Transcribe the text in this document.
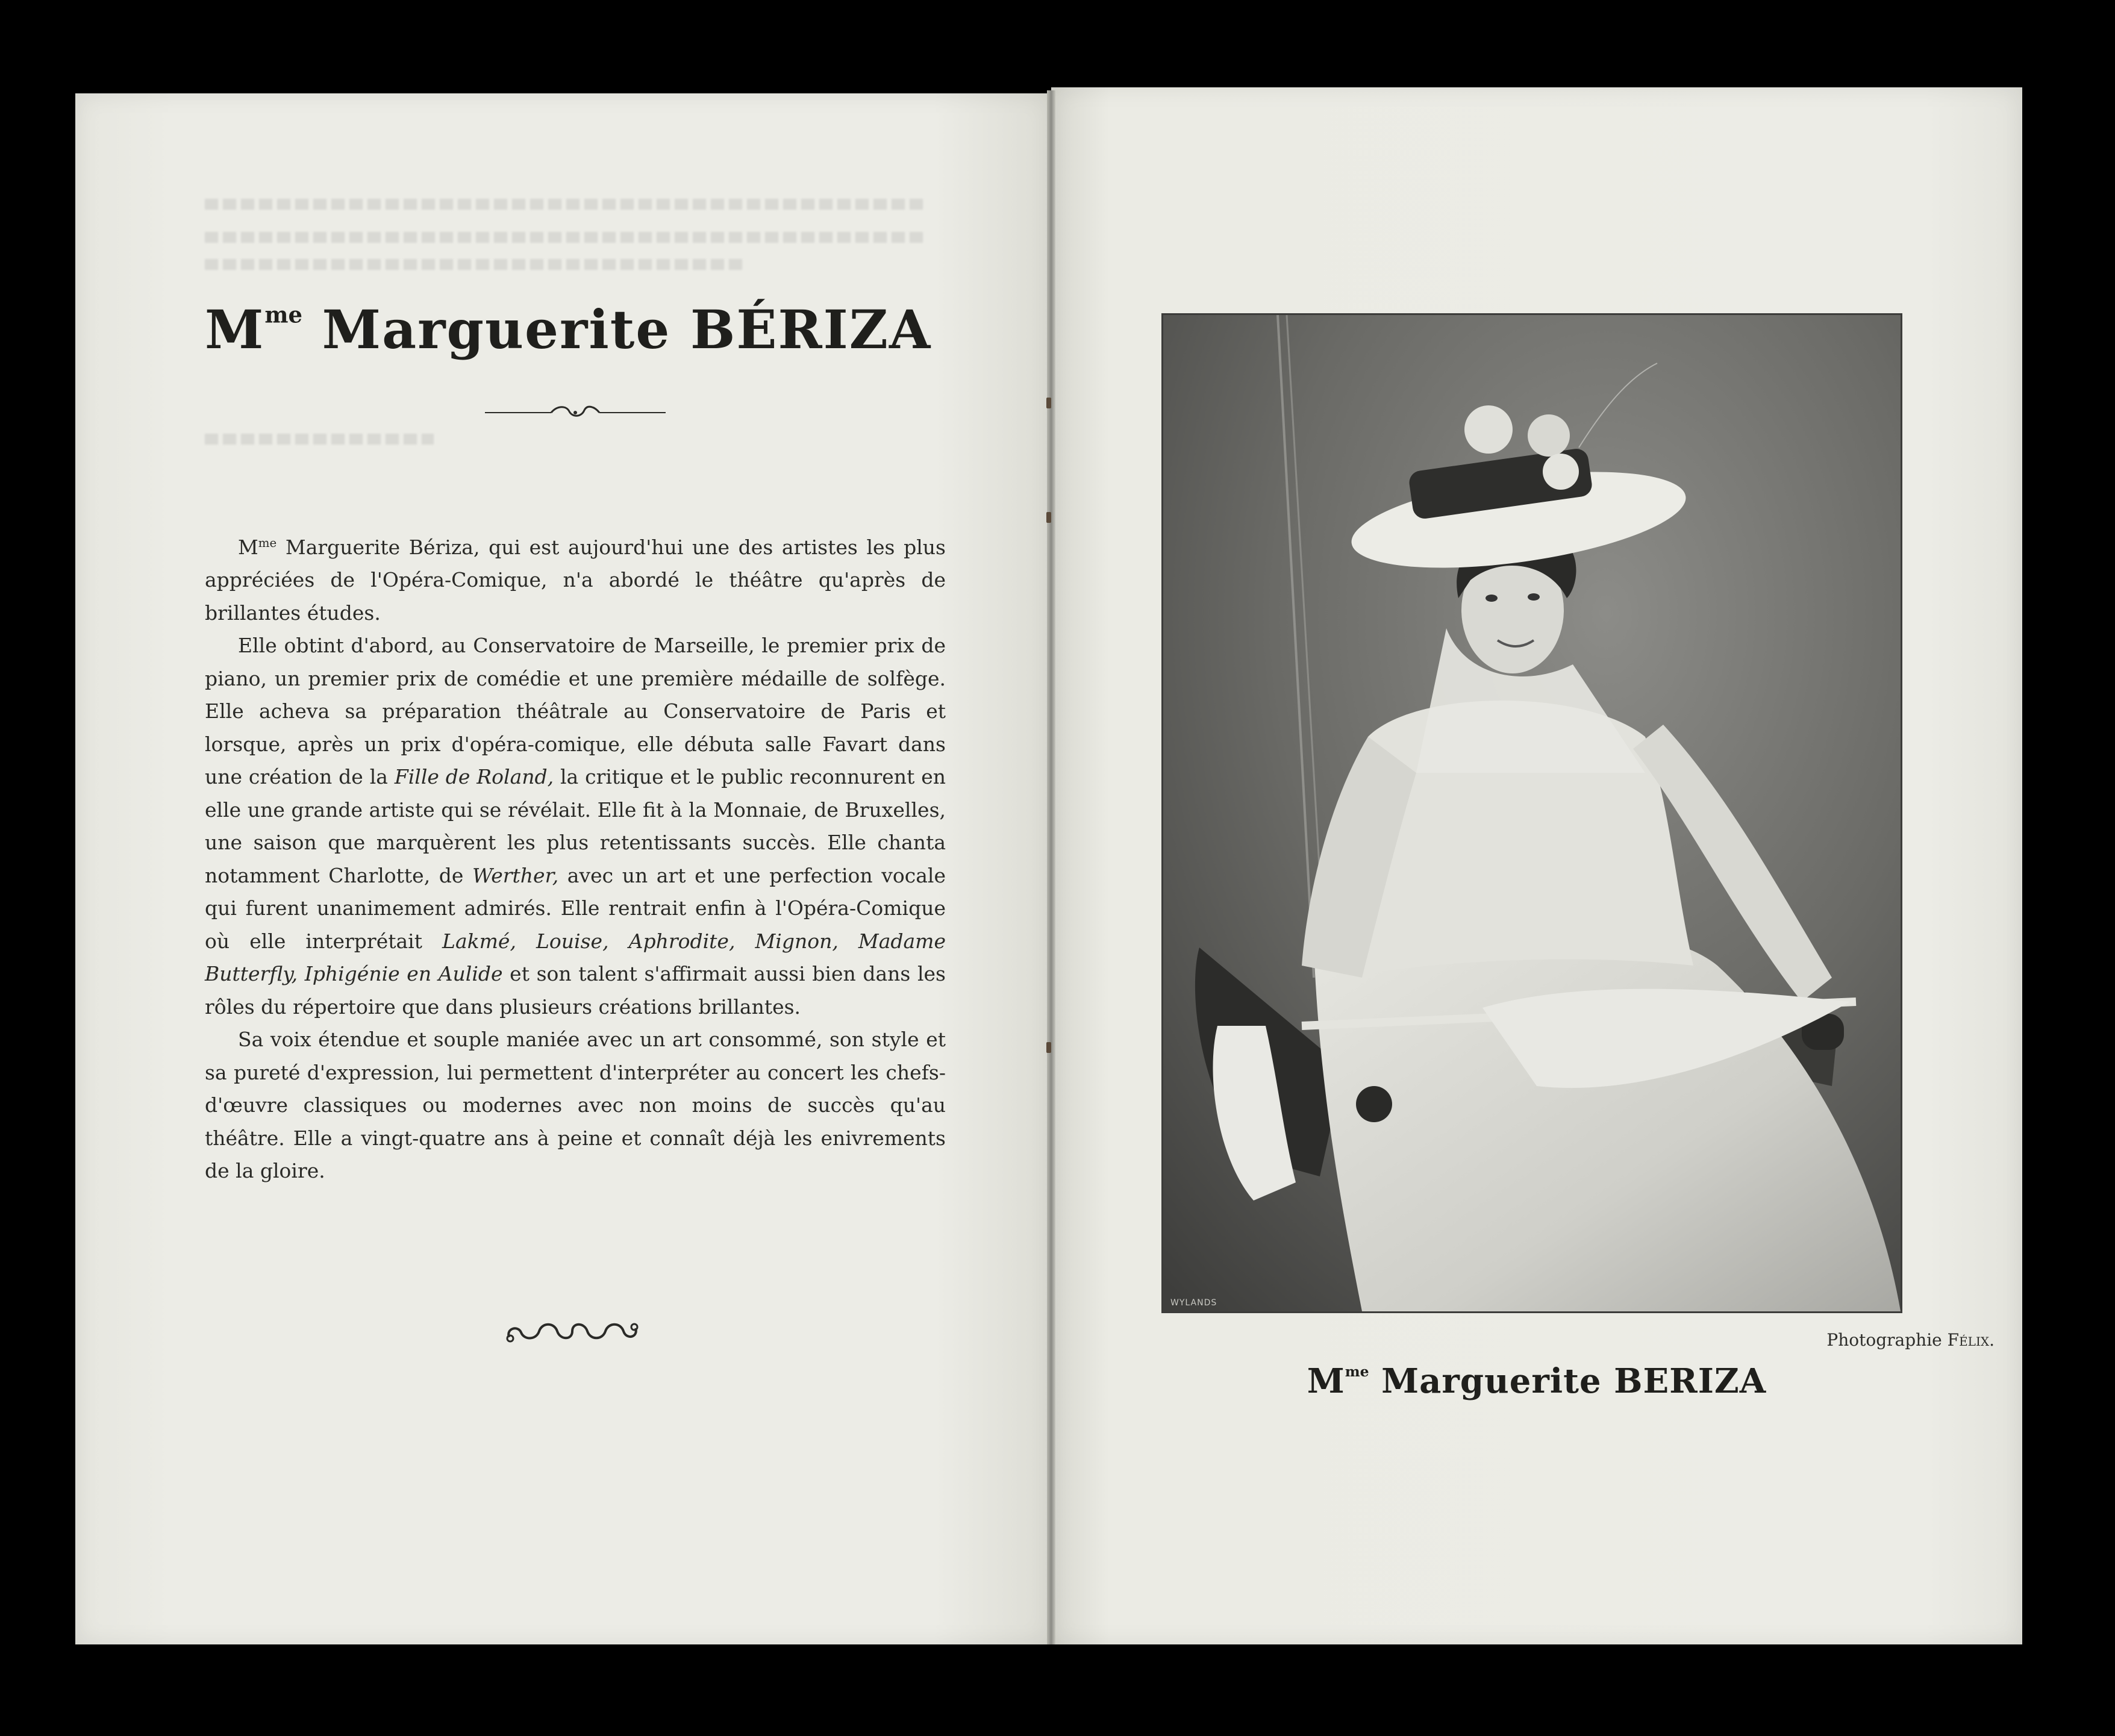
$M^{me}$ Marguerite BÉRIZA

$M^{me}$ Marguerite Bériza, qui est aujourd'hui une des artistes les plus appréciées de l'Opéra-Comique, n'a abordé le théâtre qu'après de brillantes études.

Elle obtint d'abord, au Conservatoire de Marseille, le premier prix de piano, un premier prix de comédie et une première médaille de solfège. Elle acheva sa préparation théâtrale au Conservatoire de Paris et lorsque, après un prix d'opéra-comique, elle débuta salle Favart dans une création de la Fille de Roland, la critique et le public reconnurent en elle une grande artiste qui se révélait. Elle fit à la Monnaie, de Bruxelles, une saison que marquèrent les plus retentissants succès. Elle chanta notamment Charlotte, de Werther, avec un art et une perfection vocale qui furent unanimement admirés. Elle rentrait enfin à l'Opéra-Comique où elle interprétait Lakmé, Louise, Aphrodite, Mignon, Madame Butterfly, Iphigénie en Aulide et son talent s'affirmait aussi bien dans les rôles du répertoire que dans plusieurs créations brillantes.

Sa voix étendue et souple maniée avec un art consommé, son style et sa pureté d'expression, lui permettent d'interpréter au concert les chefs-d'œuvre classiques ou modernes avec non moins de succès qu'au théâtre. Elle a vingt-quatre ans à peine et connaît déjà les enivrements de la gloire.

WYLANDS
Photographie Félix.
$M^{me}$ Marguerite BERIZA
